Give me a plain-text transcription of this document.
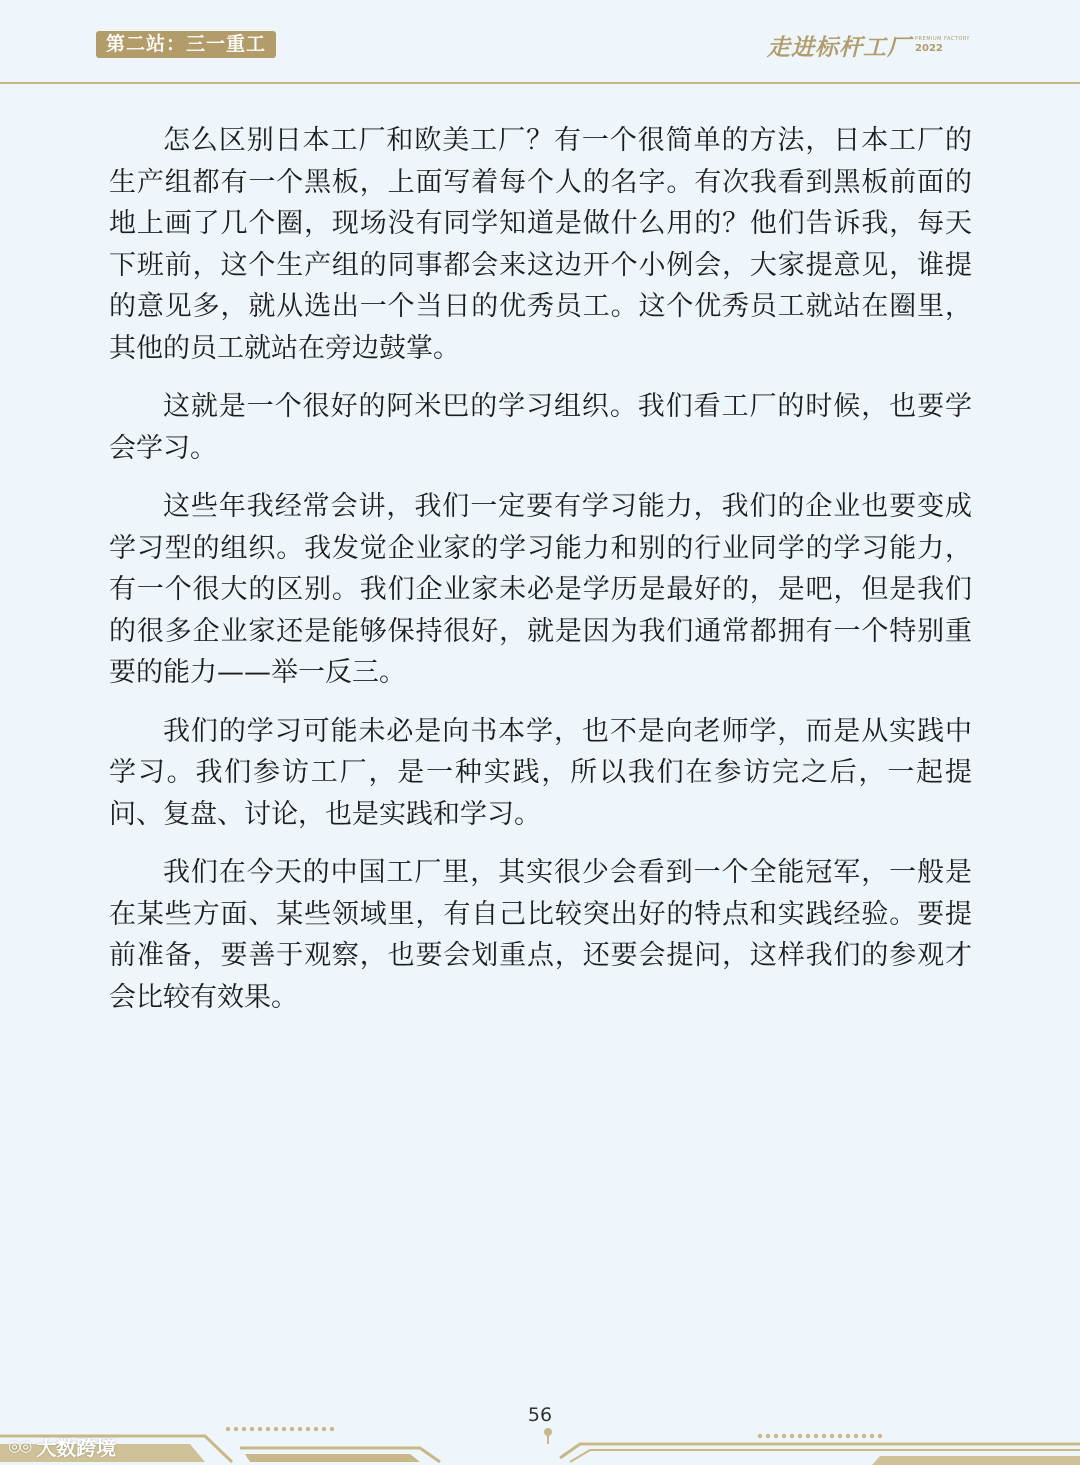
第二站：三一重工	走进标杆工厂 PREMIUM FACTORY
2022

怎么区别日本工厂和欧美工厂？有一个很简单的方法，日本工厂的生产组都有一个黑板，上面写着每个人的名字。有次我看到黑板前面的地上画了几个圈，现场没有同学知道是做什么用的？他们告诉我，每天下班前，这个生产组的同事都会来这边开个小例会，大家提意见，谁提的意见多，就从选出一个当日的优秀员工。这个优秀员工就站在圈里，其他的员工就站在旁边鼓掌。

这就是一个很好的阿米巴的学习组织。我们看工厂的时候，也要学会学习。

这些年我经常会讲，我们一定要有学习能力，我们的企业也要变成学习型的组织。我发觉企业家的学习能力和别的行业同学的学习能力，有一个很大的区别。我们企业家未必是学历是最好的，是吧，但是我们的很多企业家还是能够保持很好，就是因为我们通常都拥有一个特别重要的能力——举一反三。

我们的学习可能未必是向书本学，也不是向老师学，而是从实践中学习。我们参访工厂，是一种实践，所以我们在参访完之后，一起提问、复盘、讨论，也是实践和学习。

我们在今天的中国工厂里，其实很少会看到一个全能冠军，一般是在某些方面、某些领域里，有自己比较突出好的特点和实践经验。要提前准备，要善于观察，也要会划重点，还要会提问，这样我们的参观才会比较有效果。

56
◎◎ 大数跨境
